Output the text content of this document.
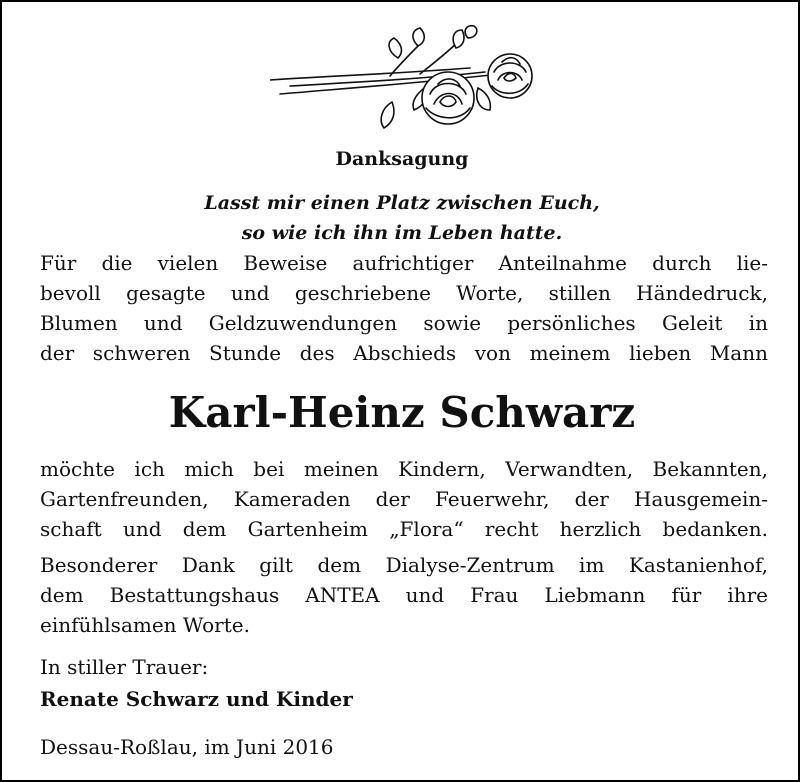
Danksagung
Lasst mir einen Platz zwischen Euch,
so wie ich ihn im Leben hatte.

Für die vielen Beweise aufrichtiger Anteilnahme durch lie-
bevoll gesagte und geschriebene Worte, stillen Händedruck,
Blumen und Geldzuwendungen sowie persönliches Geleit in
der schweren Stunde des Abschieds von meinem lieben Mann

Karl-Heinz Schwarz

möchte ich mich bei meinen Kindern, Verwandten, Bekannten,
Gartenfreunden, Kameraden der Feuerwehr, der Hausgemein-
schaft und dem Gartenheim „Flora“ recht herzlich bedanken.

Besonderer Dank gilt dem Dialyse-Zentrum im Kastanienhof,
dem Bestattungshaus ANTEA und Frau Liebmann für ihre
einfühlsamen Worte.

In stiller Trauer:
Renate Schwarz und Kinder
Dessau-Roßlau, im Juni 2016
